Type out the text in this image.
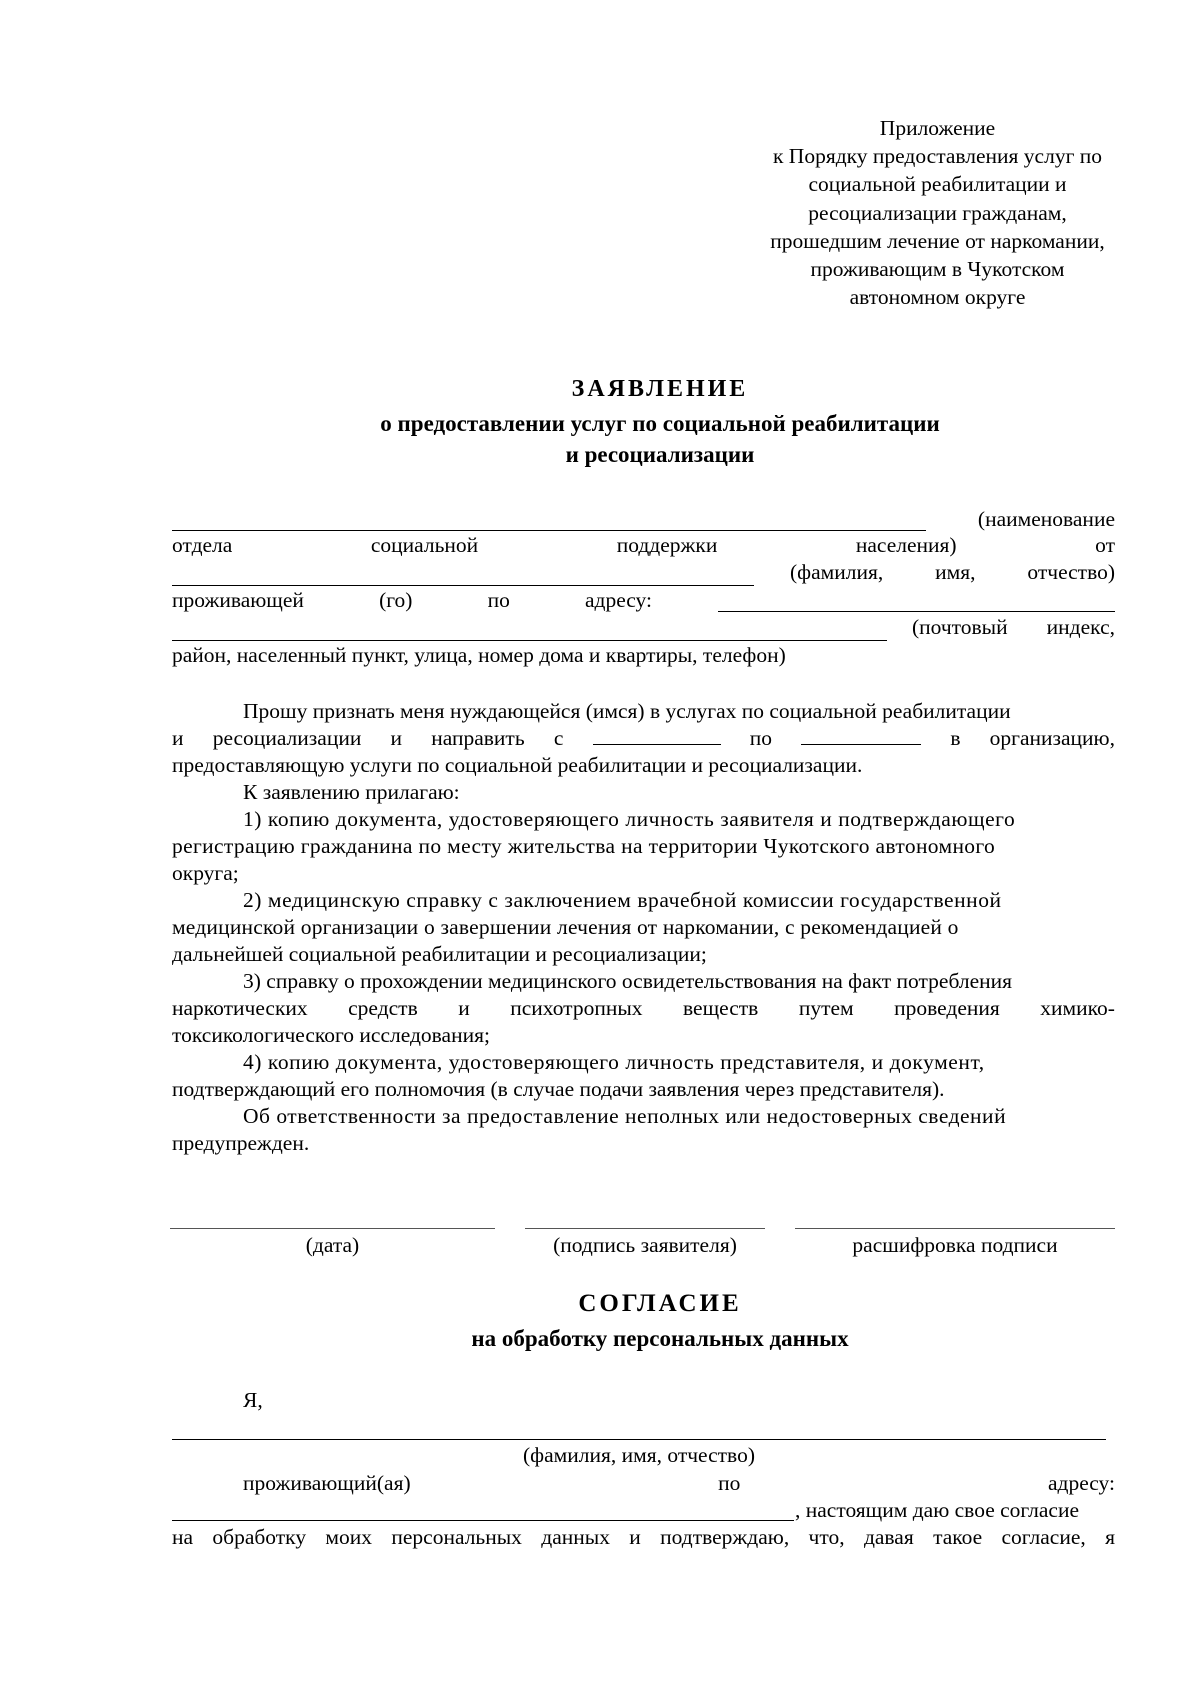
Приложение
к Порядку предоставления услуг по
социальной реабилитации и
ресоциализации гражданам,
прошедшим лечение от наркомании,
проживающим в Чукотском
автономном округе
ЗАЯВЛЕНИЕ
о предоставлении услуг по социальной реабилитации
и ресоциализации
(наименование
отдела	социальной	поддержки	населения)	от
(фамилия, имя, отчество)
проживающей	(го)	по	адресу:
(почтовый индекс,
район, населенный пункт, улица, номер дома и квартиры, телефон)
Прошу признать меня нуждающейся (имся) в услугах по социальной реабилитации
и ресоциализации и направить с	по	в организацию,
предоставляющую услуги по социальной реабилитации и ресоциализации.
К заявлению прилагаю:
1) копию документа, удостоверяющего личность заявителя и подтверждающего
регистрацию гражданина по месту жительства на территории Чукотского автономного
округа;
2) медицинскую справку с заключением врачебной комиссии государственной
медицинской организации о завершении лечения от наркомании, с рекомендацией о
дальнейшей социальной реабилитации и ресоциализации;
3) справку о прохождении медицинского освидетельствования на факт потребления
наркотических средств и психотропных веществ путем проведения химико-
токсикологического исследования;
4) копию документа, удостоверяющего личность представителя, и документ,
подтверждающий его полномочия (в случае подачи заявления через представителя).
Об ответственности за предоставление неполных или недостоверных сведений
предупрежден.
(дата)	(подпись заявителя)	расшифровка подписи
СОГЛАСИЕ
на обработку персональных данных
Я,
(фамилия, имя, отчество)
проживающий(ая)	по	адресу:
, настоящим даю свое согласие
на обработку моих персональных данных и подтверждаю, что, давая такое согласие, я
